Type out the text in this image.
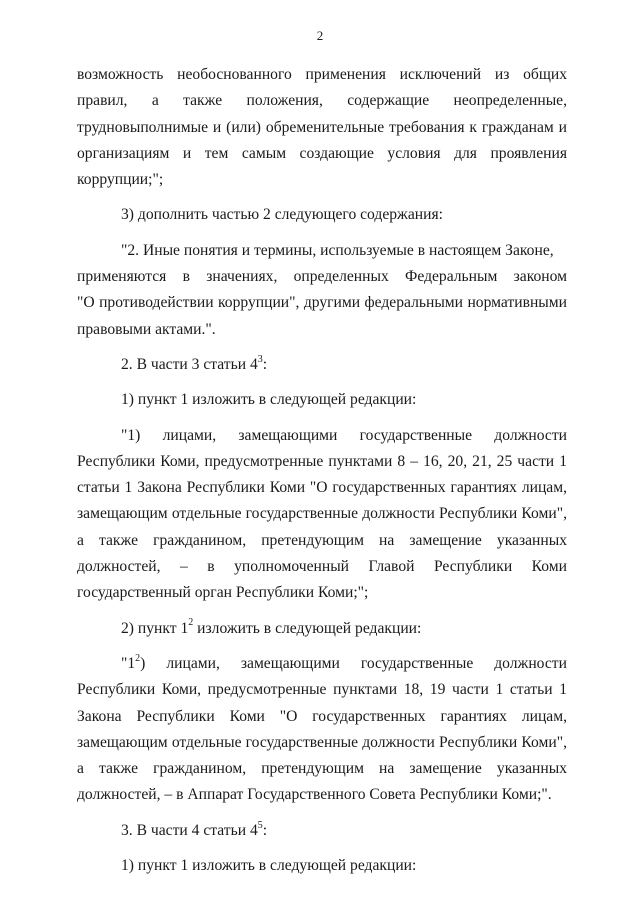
2

возможность необоснованного применения исключений из общих правил, а также положения, содержащие неопределенные, трудновыполнимые и (или) обременительные требования к гражданам и организациям и тем самым создающие условия для проявления коррупции;";

3) дополнить частью 2 следующего содержания:

"2. Иные понятия и термины, используемые в настоящем Законе,

применяются в значениях, определенных Федеральным законом

"О противодействии коррупции", другими федеральными нормативными правовыми актами.".

2. В части 3 статьи $4^3$:

1) пункт 1 изложить в следующей редакции:

"1) лицами, замещающими государственные должности

Республики Коми, предусмотренные пунктами 8 – 16, 20, 21, 25 части 1 статьи 1 Закона Республики Коми "О государственных гарантиях лицам, замещающим отдельные государственные должности Республики Коми", а также гражданином, претендующим на замещение указанных должностей, – в уполномоченный Главой Республики Коми государственный орган Республики Коми;";

2) пункт $1^2$ изложить в следующей редакции:

"$1^2$) лицами, замещающими государственные должности

Республики Коми, предусмотренные пунктами 18, 19 части 1 статьи 1 Закона Республики Коми "О государственных гарантиях лицам, замещающим отдельные государственные должности Республики Коми", а также гражданином, претендующим на замещение указанных должностей, – в Аппарат Государственного Совета Республики Коми;".

3. В части 4 статьи $4^5$:

1) пункт 1 изложить в следующей редакции:
